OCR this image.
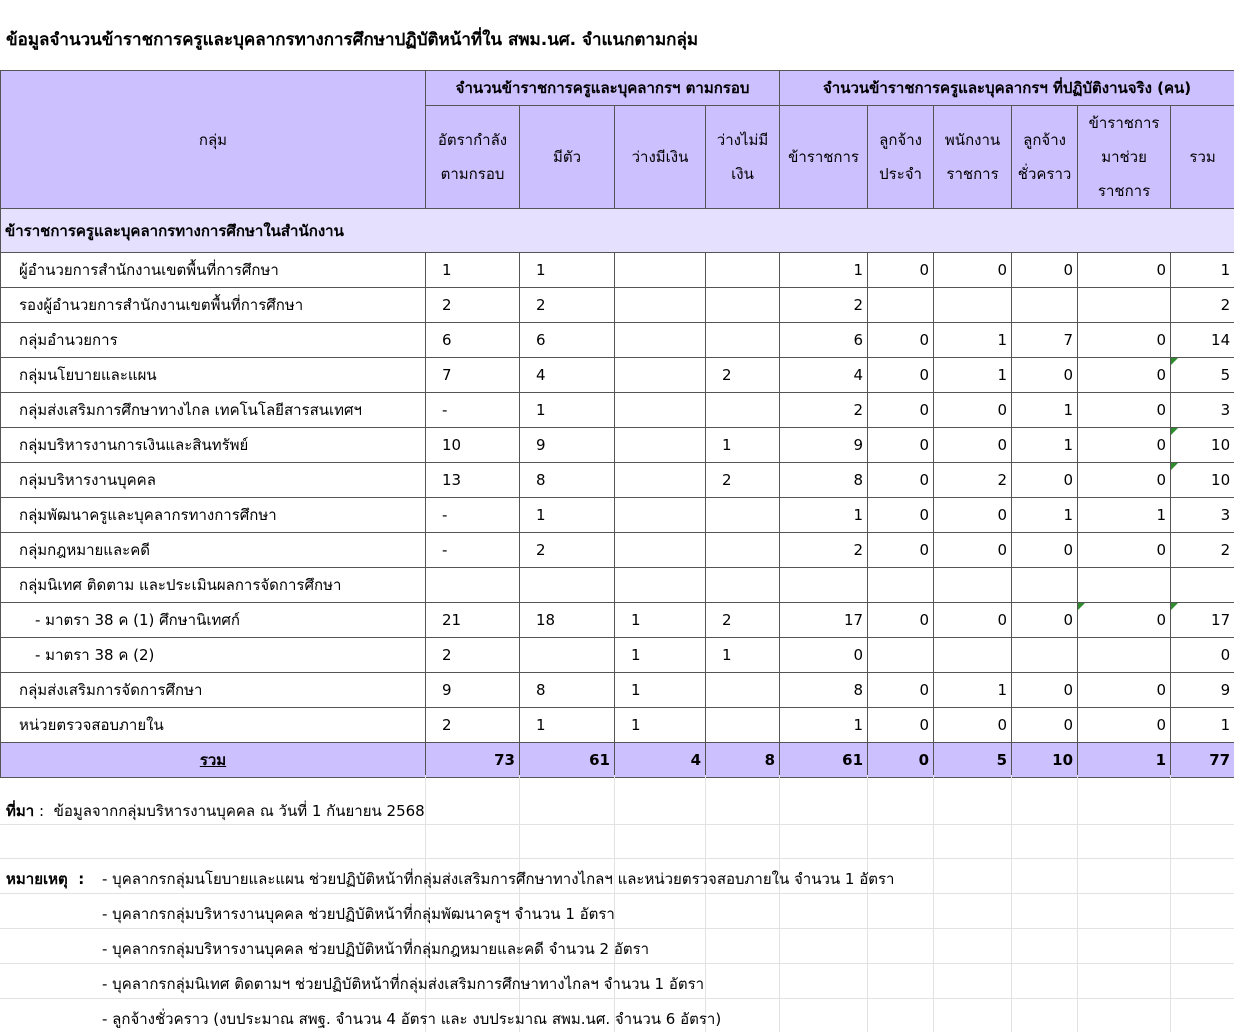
ข้อมูลจำนวนข้าราชการครูและบุคลากรทางการศึกษาปฏิบัติหน้าที่ใน สพม.นศ. จำแนกตามกลุ่ม
กลุ่ม	จำนวนข้าราชการครูและบุคลากรฯ ตามกรอบ				จำนวนข้าราชการครูและบุคลากรฯ ที่ปฏิบัติงานจริง (คน)					

	อัตรากำลัง ตามกรอบ	มีตัว	ว่างมีเงิน	ว่างไม่มี เงิน	ข้าราชการ	ลูกจ้าง ประจำ	พนักงาน ราชการ	ลูกจ้าง ชั่วคราว	ข้าราชการ มาช่วย ราชการ	รวม

ข้าราชการครูและบุคลากรทางการศึกษาในสำนักงาน										
ผู้อำนวยการสำนักงานเขตพื้นที่การศึกษา	1	1			1	0	0	0	0	1
รองผู้อำนวยการสำนักงานเขตพื้นที่การศึกษา	2	2			2					2
กลุ่มอำนวยการ	6	6			6	0	1	7	0	14
กลุ่มนโยบายและแผน	7	4		2	4	0	1	0	0	5
กลุ่มส่งเสริมการศึกษาทางไกล เทคโนโลยีสารสนเทศฯ	-	1			2	0	0	1	0	3
กลุ่มบริหารงานการเงินและสินทรัพย์	10	9		1	9	0	0	1	0	10
กลุ่มบริหารงานบุคคล	13	8		2	8	0	2	0	0	10
กลุ่มพัฒนาครูและบุคลากรทางการศึกษา	-	1			1	0	0	1	1	3
กลุ่มกฎหมายและคดี	-	2			2	0	0	0	0	2
กลุ่มนิเทศ ติดตาม และประเมินผลการจัดการศึกษา										
- มาตรา 38 ค (1) ศึกษานิเทศก์	21	18	1	2	17	0	0	0	0	17
- มาตรา 38 ค (2)	2		1	1	0					0
กลุ่มส่งเสริมการจัดการศึกษา	9	8	1		8	0	1	0	0	9
หน่วยตรวจสอบภายใน	2	1	1		1	0	0	0	0	1
รวม	73	61	4	8	61	0	5	10	1	77
ที่มา :  ข้อมูลจากกลุ่มบริหารงานบุคคล ณ วันที่ 1 กันยายน 2568
หมายเหตุ  : - บุคลากรกลุ่มนโยบายและแผน ช่วยปฏิบัติหน้าที่กลุ่มส่งเสริมการศึกษาทางไกลฯ และหน่วยตรวจสอบภายใน จำนวน 1 อัตรา
- บุคลากรกลุ่มบริหารงานบุคคล ช่วยปฏิบัติหน้าที่กลุ่มพัฒนาครูฯ จำนวน 1 อัตรา
- บุคลากรกลุ่มบริหารงานบุคคล ช่วยปฏิบัติหน้าที่กลุ่มกฎหมายและคดี จำนวน 2 อัตรา
- บุคลากรกลุ่มนิเทศ ติดตามฯ ช่วยปฏิบัติหน้าที่กลุ่มส่งเสริมการศึกษาทางไกลฯ จำนวน 1 อัตรา
- ลูกจ้างชั่วคราว (งบประมาณ สพฐ. จำนวน 4 อัตรา และ งบประมาณ สพม.นศ. จำนวน 6 อัตรา)
